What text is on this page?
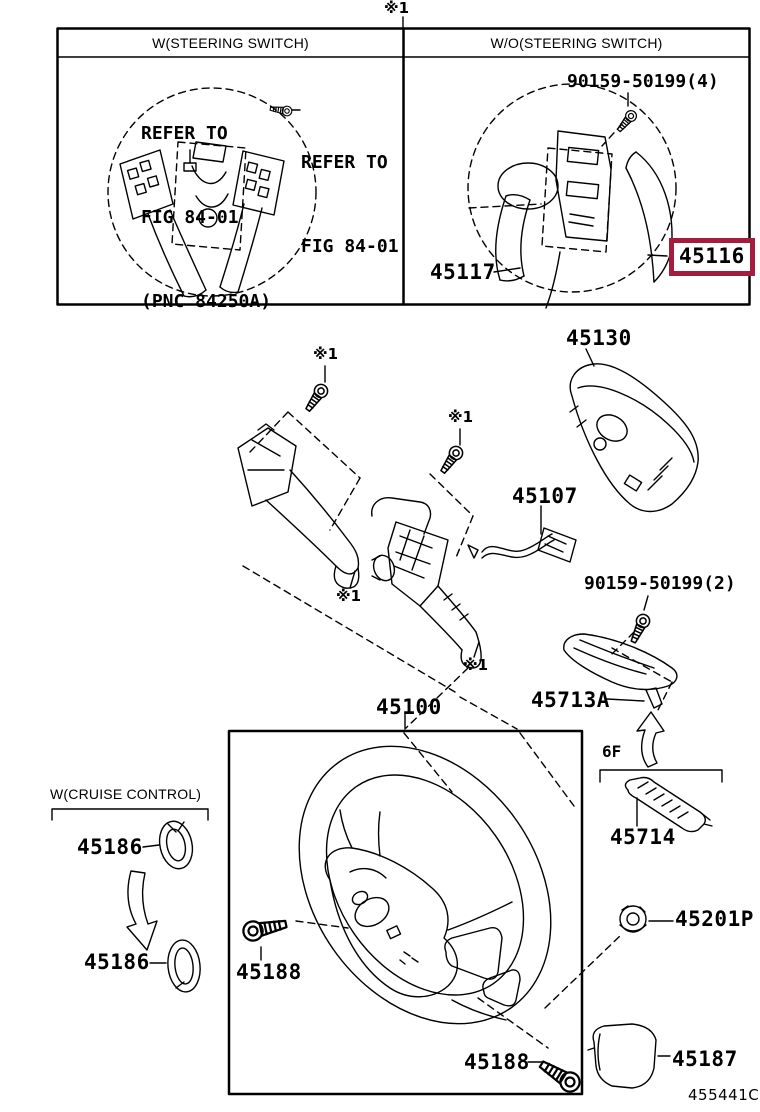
※1
W(STEERING SWITCH)	W/O(STEERING SWITCH)

REFER TO

FIG 84-01

(PNC 84250A)

REFER TO

FIG 84-01

90159-50199(4)
45117
45116
45130
※1
※1
※1
※1
45107
90159-50199(2)
45713A
45100
6F
45714
W(CRUISE CONTROL)
45186
45186	45188
45201P
45188	45187
455441C
